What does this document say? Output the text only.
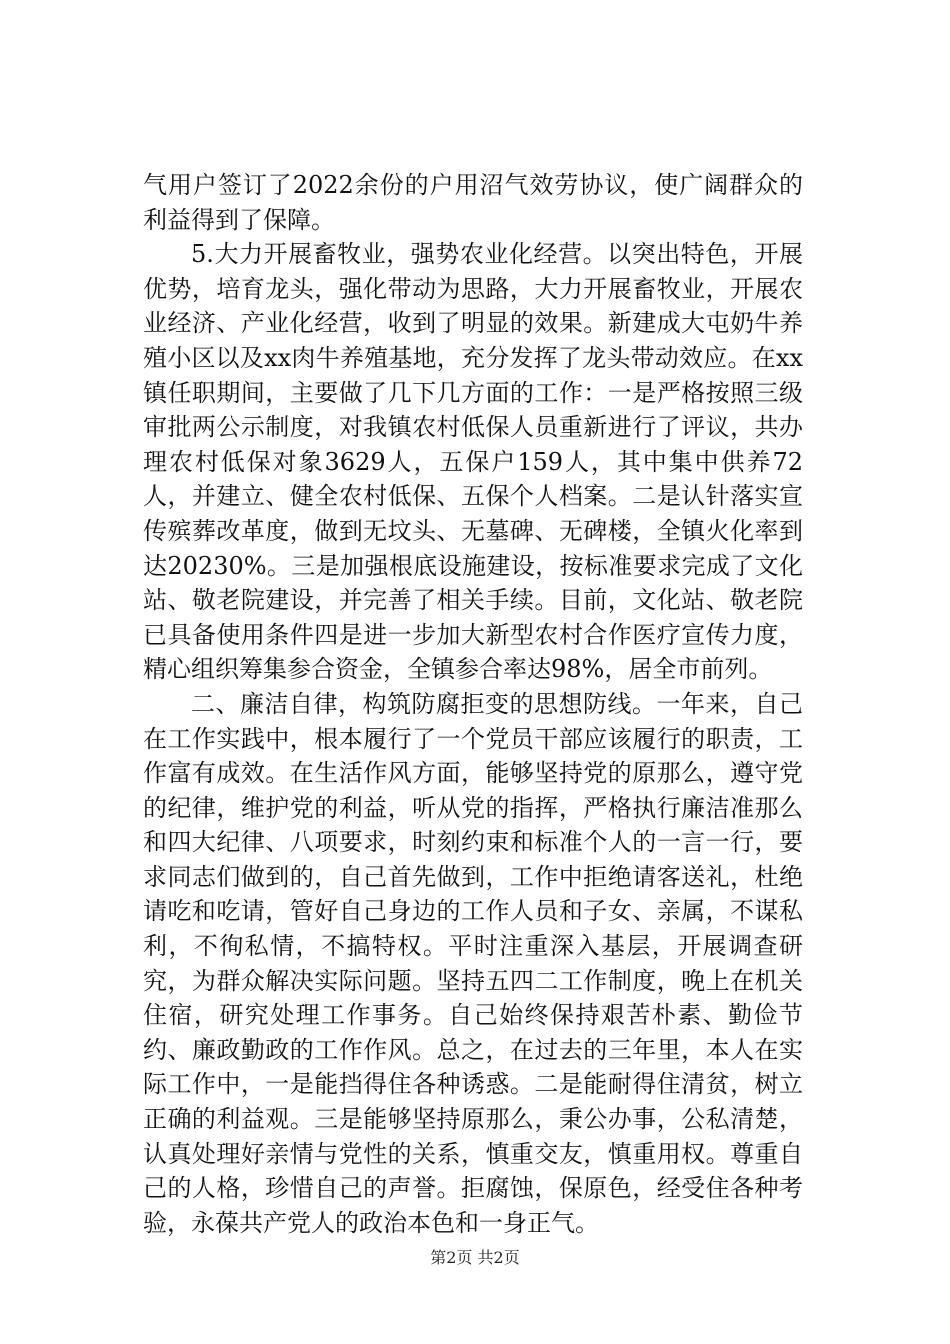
气用户签订了2022余份的户用沼气效劳协议，使广阔群众的利益得到了保障。

5.大力开展畜牧业，强势农业化经营。以突出特色，开展优势，培育龙头，强化带动为思路，大力开展畜牧业，开展农业经济、产业化经营，收到了明显的效果。新建成大屯奶牛养殖小区以及xx肉牛养殖基地，充分发挥了龙头带动效应。在xx镇任职期间，主要做了几下几方面的工作：一是严格按照三级审批两公示制度，对我镇农村低保人员重新进行了评议，共办理农村低保对象3629人，五保户159人，其中集中供养72人，并建立、健全农村低保、五保个人档案。二是认针落实宣传殡葬改革度，做到无坟头、无墓碑、无碑楼，全镇火化率到达20230%。三是加强根底设施建设，按标准要求完成了文化站、敬老院建设，并完善了相关手续。目前，文化站、敬老院已具备使用条件四是进一步加大新型农村合作医疗宣传力度，精心组织筹集参合资金，全镇参合率达98%，居全市前列。

二、廉洁自律，构筑防腐拒变的思想防线。一年来，自己在工作实践中，根本履行了一个党员干部应该履行的职责，工作富有成效。在生活作风方面，能够坚持党的原那么，遵守党的纪律，维护党的利益，听从党的指挥，严格执行廉洁准那么和四大纪律、八项要求，时刻约束和标准个人的一言一行，要求同志们做到的，自己首先做到，工作中拒绝请客送礼，杜绝请吃和吃请，管好自己身边的工作人员和子女、亲属，不谋私利，不徇私情，不搞特权。平时注重深入基层，开展调查研究，为群众解决实际问题。坚持五四二工作制度，晚上在机关住宿，研究处理工作事务。自己始终保持艰苦朴素、勤俭节约、廉政勤政的工作作风。总之，在过去的三年里，本人在实际工作中，一是能挡得住各种诱惑。二是能耐得住清贫，树立正确的利益观。三是能够坚持原那么，秉公办事，公私清楚，认真处理好亲情与党性的关系，慎重交友，慎重用权。尊重自己的人格，珍惜自己的声誉。拒腐蚀，保原色，经受住各种考验，永葆共产党人的政治本色和一身正气。

第2页 共2页
